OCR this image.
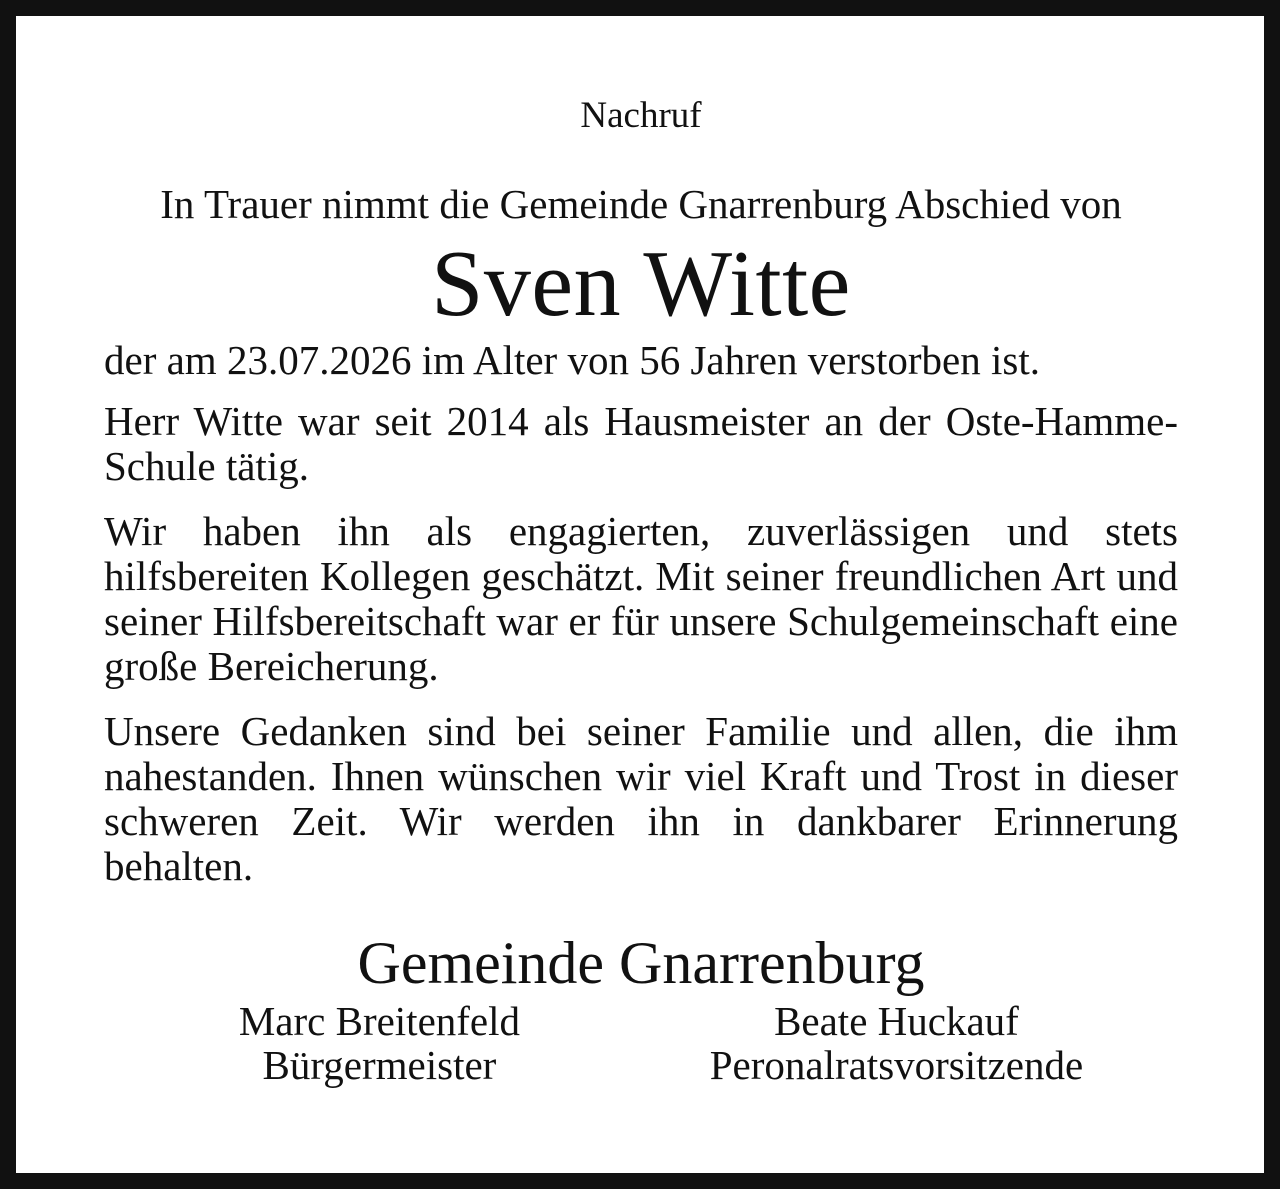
Nachruf

In Trauer nimmt die Gemeinde Gnarrenburg Abschied von

Sven Witte

der am 23.07.2026 im Alter von 56 Jahren verstorben ist.

Herr Witte war seit 2014 als Hausmeister an der Oste-Hamme-Schule tätig.

Wir haben ihn als engagierten, zuverlässigen und stets hilfsbereiten Kollegen geschätzt. Mit seiner freundlichen Art und seiner Hilfsbereitschaft war er für unsere Schulgemeinschaft eine große Bereicherung.

Unsere Gedanken sind bei seiner Familie und allen, die ihm nahestanden. Ihnen wünschen wir viel Kraft und Trost in dieser schweren Zeit. Wir werden ihn in dankbarer Erinnerung behalten.

Gemeinde Gnarrenburg

Marc Breitenfeld
Bürgermeister
Beate Huckauf
Peronalratsvorsitzende
